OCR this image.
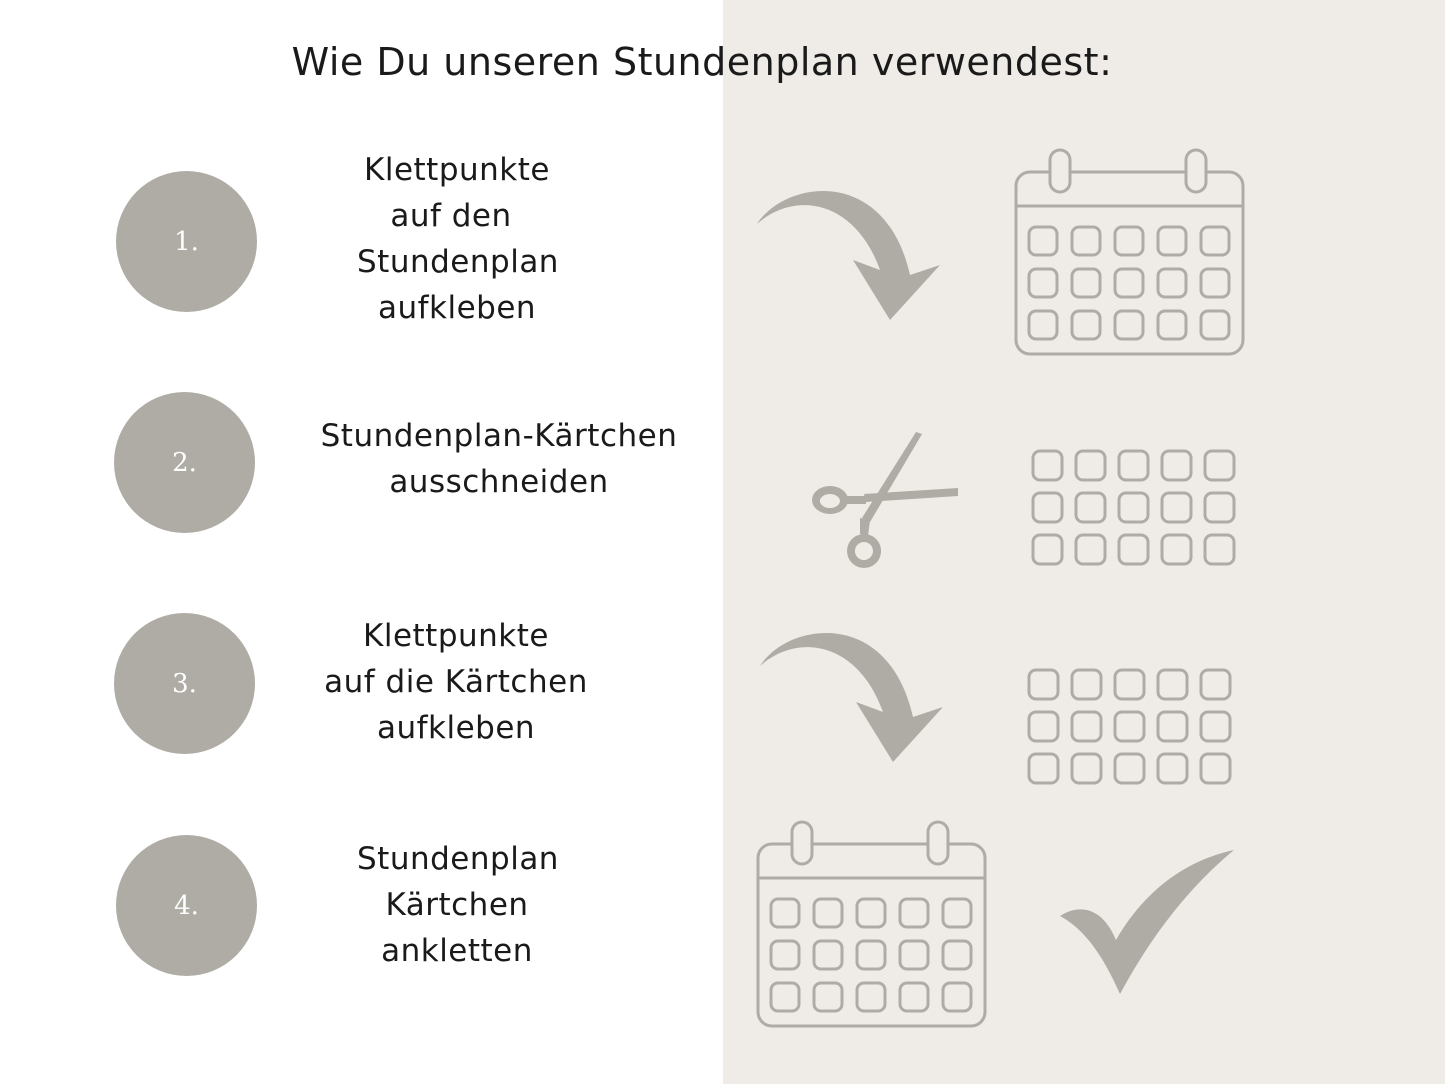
Wie Du unseren Stundenplan verwendest:
1.
Klettpunkte
auf den
Stundenplan
aufkleben
2.
Stundenplan-Kärtchen
ausschneiden
3.
Klettpunkte
auf die Kärtchen
aufkleben
4.
Stundenplan
Kärtchen
ankletten
